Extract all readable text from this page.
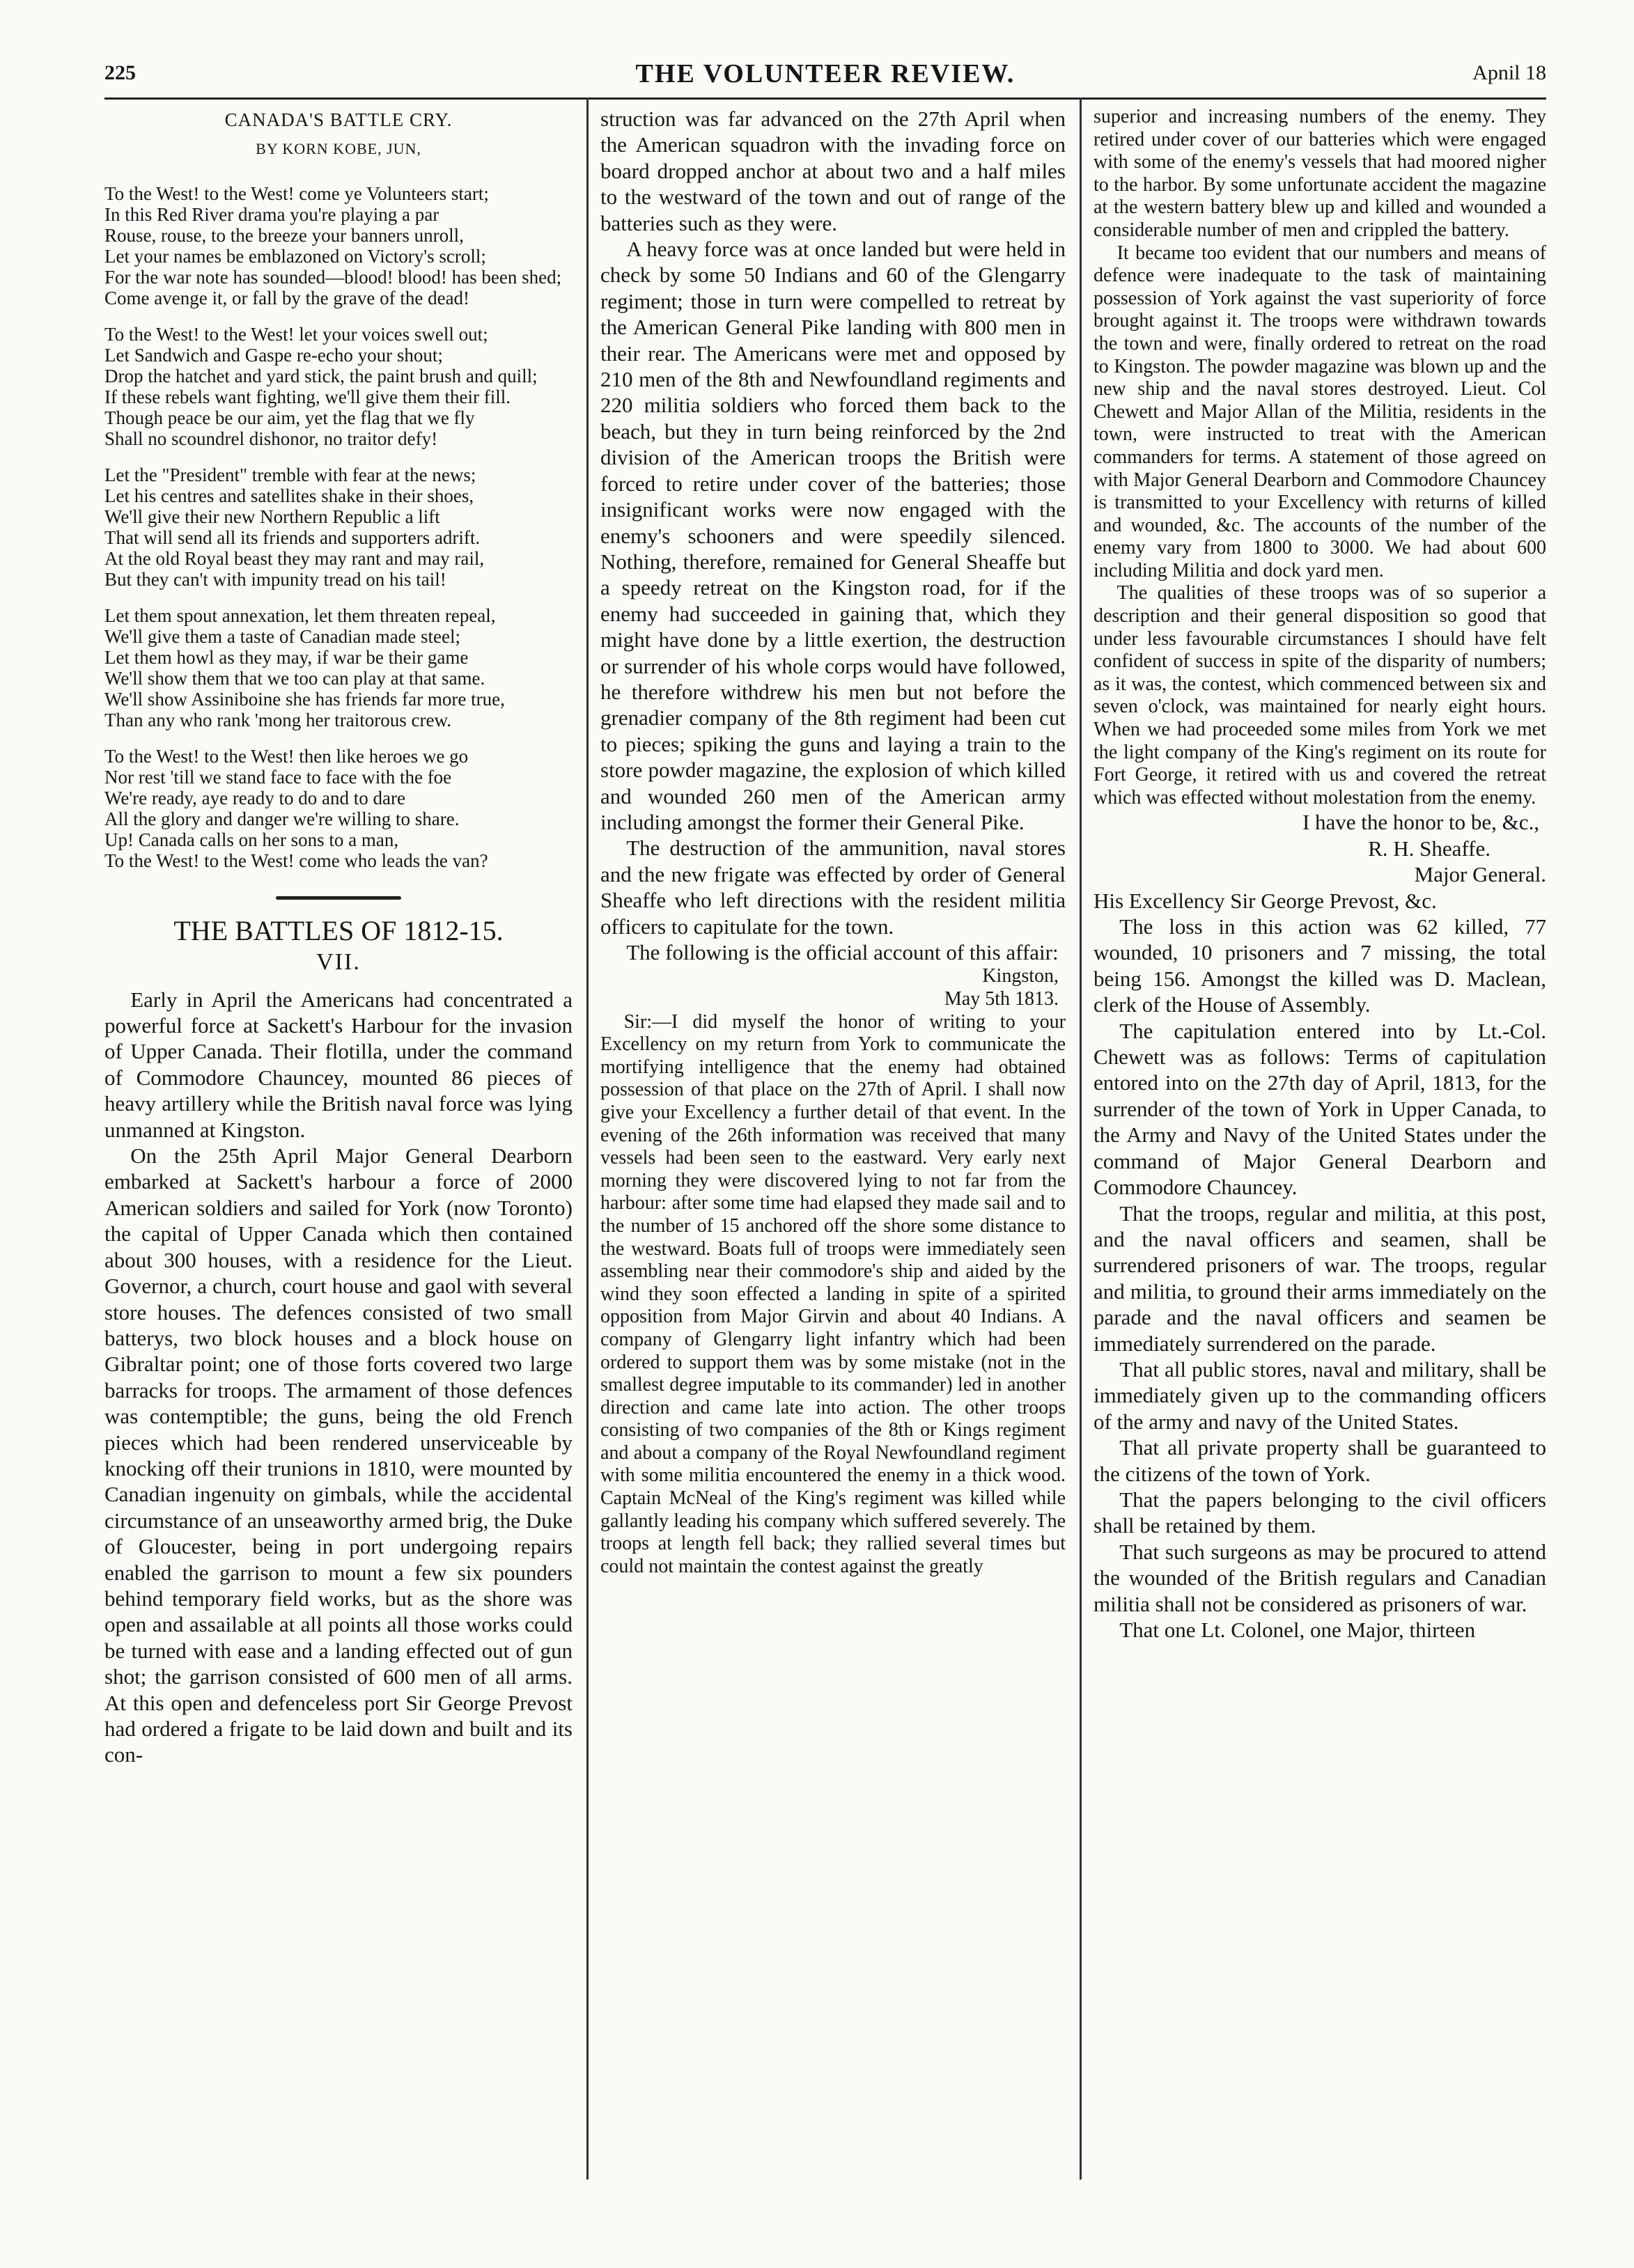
225	THE VOLUNTEER REVIEW.	Apnil 18
CANADA'S BATTLE CRY.
BY KORN KOBE, JUN,
To the West! to the West! come ye Volunteers start;
In this Red River drama you're playing a par
Rouse, rouse, to the breeze your banners unroll,
Let your names be emblazoned on Victory's scroll;
For the war note has sounded—blood! blood! has been shed;
Come avenge it, or fall by the grave of the dead!
To the West! to the West! let your voices swell out;
Let Sandwich and Gaspe re-echo your shout;
Drop the hatchet and yard stick, the paint brush and quill;
If these rebels want fighting, we'll give them their fill.
Though peace be our aim, yet the flag that we fly
Shall no scoundrel dishonor, no traitor defy!
Let the "President" tremble with fear at the news;
Let his centres and satellites shake in their shoes,
We'll give their new Northern Republic a lift
That will send all its friends and supporters adrift.
At the old Royal beast they may rant and may rail,
But they can't with impunity tread on his tail!
Let them spout annexation, let them threaten repeal,
We'll give them a taste of Canadian made steel;
Let them howl as they may, if war be their game
We'll show them that we too can play at that same.
We'll show Assiniboine she has friends far more true,
Than any who rank 'mong her traitorous crew.
To the West! to the West! then like heroes we go
Nor rest 'till we stand face to face with the foe
We're ready, aye ready to do and to dare
All the glory and danger we're willing to share.
Up! Canada calls on her sons to a man,
To the West! to the West! come who leads the van?
THE BATTLES OF 1812-15.
VII.

Early in April the Americans had concentrated a powerful force at Sackett's Harbour for the invasion of Upper Canada. Their flotilla, under the command of Commodore Chauncey, mounted 86 pieces of heavy artillery while the British naval force was lying unmanned at Kingston.

On the 25th April Major General Dearborn embarked at Sackett's harbour a force of 2000 American soldiers and sailed for York (now Toronto) the capital of Upper Canada which then contained about 300 houses, with a residence for the Lieut. Governor, a church, court house and gaol with several store houses. The defences consisted of two small batterys, two block houses and a block house on Gibraltar point; one of those forts covered two large barracks for troops. The armament of those defences was contemptible; the guns, being the old French pieces which had been rendered unserviceable by knocking off their trunions in 1810, were mounted by Canadian ingenuity on gimbals, while the accidental circumstance of an unseaworthy armed brig, the Duke of Gloucester, being in port undergoing repairs enabled the garrison to mount a few six pounders behind temporary field works, but as the shore was open and assailable at all points all those works could be turned with ease and a landing effected out of gun shot; the garrison consisted of 600 men of all arms. At this open and defenceless port Sir George Prevost had ordered a frigate to be laid down and built and its con-

struction was far advanced on the 27th April when the American squadron with the invading force on board dropped anchor at about two and a half miles to the westward of the town and out of range of the batteries such as they were.

A heavy force was at once landed but were held in check by some 50 Indians and 60 of the Glengarry regiment; those in turn were compelled to retreat by the American General Pike landing with 800 men in their rear. The Americans were met and opposed by 210 men of the 8th and Newfoundland regiments and 220 militia soldiers who forced them back to the beach, but they in turn being reinforced by the 2nd division of the American troops the British were forced to retire under cover of the batteries; those insignificant works were now engaged with the enemy's schooners and were speedily silenced. Nothing, therefore, remained for General Sheaffe but a speedy retreat on the Kingston road, for if the enemy had succeeded in gaining that, which they might have done by a little exertion, the destruction or surrender of his whole corps would have followed, he therefore withdrew his men but not before the grenadier company of the 8th regiment had been cut to pieces; spiking the guns and laying a train to the store powder magazine, the explosion of which killed and wounded 260 men of the American army including amongst the former their General Pike.

The destruction of the ammunition, naval stores and the new frigate was effected by order of General Sheaffe who left directions with the resident militia officers to capitulate for the town.

The following is the official account of this affair:

Kingston,
May 5th 1813.

Sir:—I did myself the honor of writing to your Excellency on my return from York to communicate the mortifying intelligence that the enemy had obtained possession of that place on the 27th of April. I shall now give your Excellency a further detail of that event. In the evening of the 26th information was received that many vessels had been seen to the eastward. Very early next morning they were discovered lying to not far from the harbour: after some time had elapsed they made sail and to the number of 15 anchored off the shore some distance to the westward. Boats full of troops were immediately seen assembling near their commodore's ship and aided by the wind they soon effected a landing in spite of a spirited opposition from Major Girvin and about 40 Indians. A company of Glengarry light infantry which had been ordered to support them was by some mistake (not in the smallest degree imputable to its commander) led in another direction and came late into action. The other troops consisting of two companies of the 8th or Kings regiment and about a company of the Royal Newfoundland regiment with some militia encountered the enemy in a thick wood. Captain McNeal of the King's regiment was killed while gallantly leading his company which suffered severely. The troops at length fell back; they rallied several times but could not maintain the contest against the greatly

superior and increasing numbers of the enemy. They retired under cover of our batteries which were engaged with some of the enemy's vessels that had moored nigher to the harbor. By some unfortunate accident the magazine at the western battery blew up and killed and wounded a considerable number of men and crippled the battery.

It became too evident that our numbers and means of defence were inadequate to the task of maintaining possession of York against the vast superiority of force brought against it. The troops were withdrawn towards the town and were, finally ordered to retreat on the road to Kingston. The powder magazine was blown up and the new ship and the naval stores destroyed. Lieut. Col Chewett and Major Allan of the Militia, residents in the town, were instructed to treat with the American commanders for terms. A statement of those agreed on with Major General Dearborn and Commodore Chauncey is transmitted to your Excellency with returns of killed and wounded, &c. The accounts of the number of the enemy vary from 1800 to 3000. We had about 600 including Militia and dock yard men.

The qualities of these troops was of so superior a description and their general disposition so good that under less favourable circumstances I should have felt confident of success in spite of the disparity of numbers; as it was, the contest, which commenced between six and seven o'clock, was maintained for nearly eight hours. When we had proceeded some miles from York we met the light company of the King's regiment on its route for Fort George, it retired with us and covered the retreat which was effected without molestation from the enemy.

I have the honor to be, &c.,
R. H. Sheaffe.
Major General.
His Excellency Sir George Prevost, &c.

The loss in this action was 62 killed, 77 wounded, 10 prisoners and 7 missing, the total being 156. Amongst the killed was D. Maclean, clerk of the House of Assembly.

The capitulation entered into by Lt.-Col. Chewett was as follows: Terms of capitulation entored into on the 27th day of April, 1813, for the surrender of the town of York in Upper Canada, to the Army and Navy of the United States under the command of Major General Dearborn and Commodore Chauncey.

That the troops, regular and militia, at this post, and the naval officers and seamen, shall be surrendered prisoners of war. The troops, regular and militia, to ground their arms immediately on the parade and the naval officers and seamen be immediately surrendered on the parade.

That all public stores, naval and military, shall be immediately given up to the commanding officers of the army and navy of the United States.

That all private property shall be guaranteed to the citizens of the town of York.

That the papers belonging to the civil officers shall be retained by them.

That such surgeons as may be procured to attend the wounded of the British regulars and Canadian militia shall not be considered as prisoners of war.

That one Lt. Colonel, one Major, thirteen
